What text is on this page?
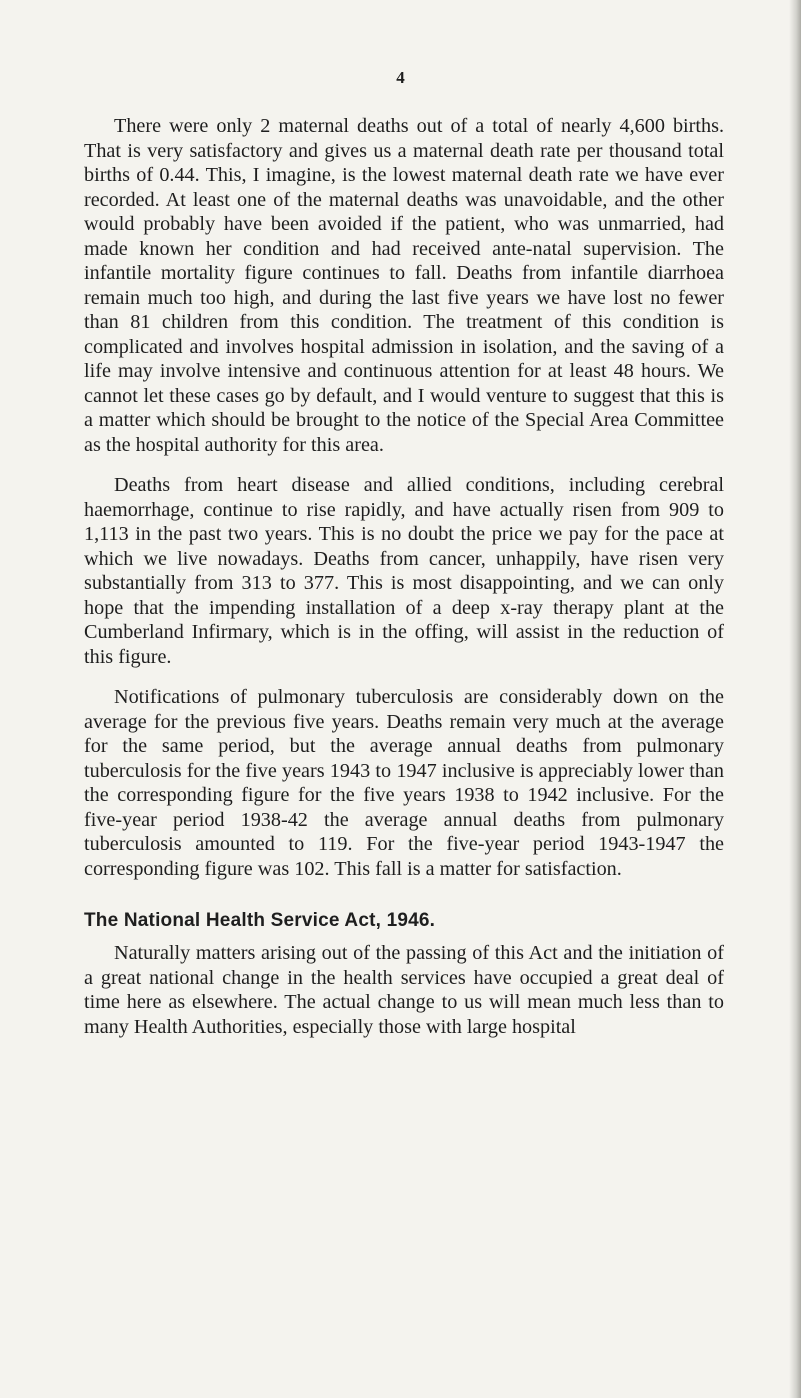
4

There were only 2 maternal deaths out of a total of nearly 4,600 births. That is very satisfactory and gives us a maternal death rate per thousand total births of 0.44. This, I imagine, is the lowest maternal death rate we have ever recorded. At least one of the maternal deaths was unavoidable, and the other would probably have been avoided if the patient, who was unmarried, had made known her condition and had received ante-natal supervision. The infantile mortality figure continues to fall. Deaths from infantile diarrhoea remain much too high, and during the last five years we have lost no fewer than 81 children from this condition. The treatment of this condition is complicated and involves hospital admission in isolation, and the saving of a life may involve intensive and continuous attention for at least 48 hours. We cannot let these cases go by default, and I would venture to suggest that this is a matter which should be brought to the notice of the Special Area Committee as the hospital authority for this area.

Deaths from heart disease and allied conditions, including cerebral haemorrhage, continue to rise rapidly, and have actually risen from 909 to 1,113 in the past two years. This is no doubt the price we pay for the pace at which we live nowadays. Deaths from cancer, unhappily, have risen very substantially from 313 to 377. This is most disappointing, and we can only hope that the impending installation of a deep x-ray therapy plant at the Cumberland Infirmary, which is in the offing, will assist in the reduction of this figure.

Notifications of pulmonary tuberculosis are considerably down on the average for the previous five years. Deaths remain very much at the average for the same period, but the average annual deaths from pulmonary tuberculosis for the five years 1943 to 1947 inclusive is appreciably lower than the corresponding figure for the five years 1938 to 1942 inclusive. For the five-year period 1938-42 the average annual deaths from pulmonary tuberculosis amounted to 119. For the five-year period 1943-1947 the corresponding figure was 102. This fall is a matter for satisfaction.

The National Health Service Act, 1946.

Naturally matters arising out of the passing of this Act and the initiation of a great national change in the health services have occupied a great deal of time here as elsewhere. The actual change to us will mean much less than to many Health Authorities, especially those with large hospital
